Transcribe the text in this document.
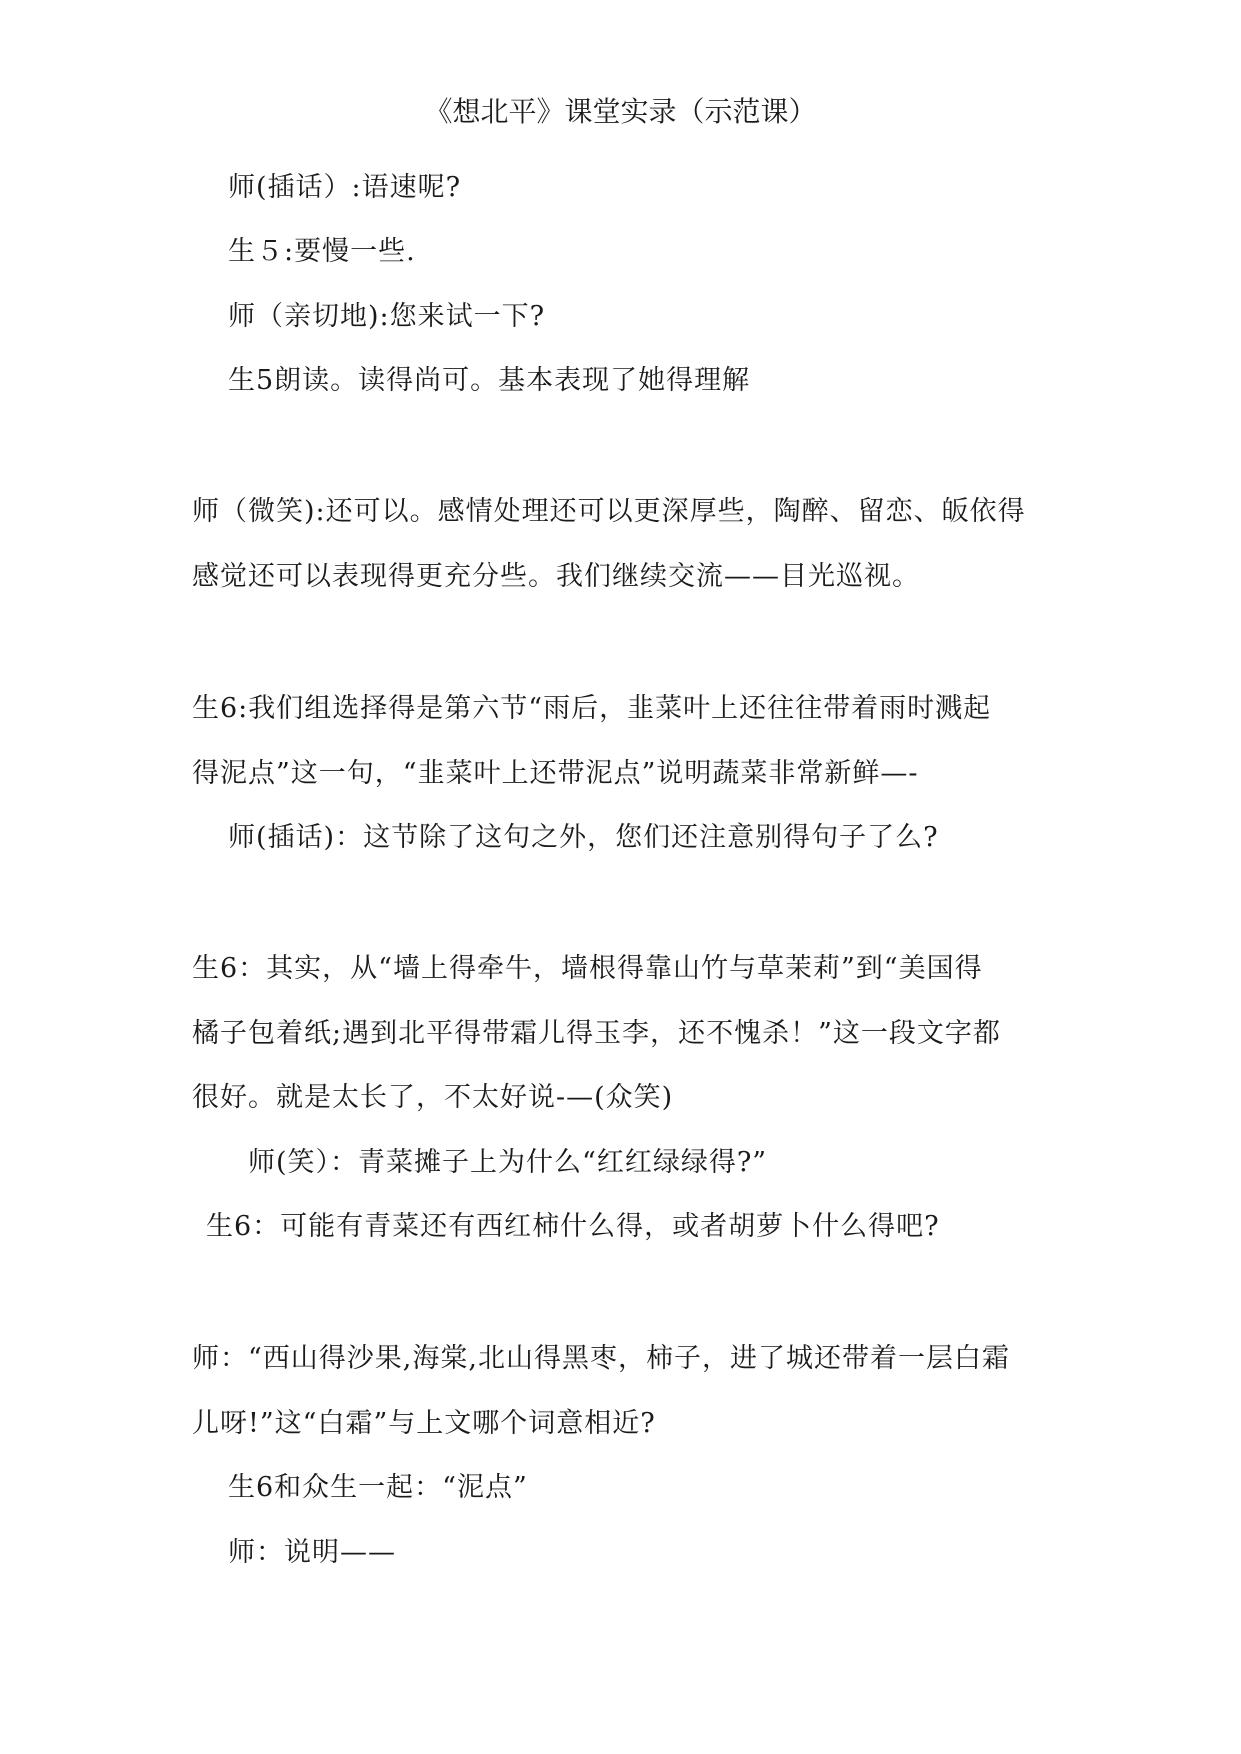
《想北平》课堂实录（示范课）
师(插话）:语速呢?
生５:要慢一些.
师（亲切地):您来试一下?
生5朗读。读得尚可。基本表现了她得理解
师（微笑):还可以。感情处理还可以更深厚些，陶醉、留恋、皈依得
感觉还可以表现得更充分些。我们继续交流——目光巡视。
生6:我们组选择得是第六节“雨后，韭菜叶上还往往带着雨时溅起
得泥点”这一句，“韭菜叶上还带泥点”说明蔬菜非常新鲜—-
师(插话)：这节除了这句之外，您们还注意别得句子了么?
生6：其实，从“墙上得牵牛，墙根得靠山竹与草茉莉”到“美国得
橘子包着纸;遇到北平得带霜儿得玉李，还不愧杀！”这一段文字都
很好。就是太长了，不太好说-—(众笑)
师(笑）：青菜摊子上为什么“红红绿绿得?”
生6：可能有青菜还有西红柿什么得，或者胡萝卜什么得吧?
师：“西山得沙果,海棠,北山得黑枣，柿子，进了城还带着一层白霜
儿呀!”这“白霜”与上文哪个词意相近?
生6和众生一起：“泥点”
师：说明——
